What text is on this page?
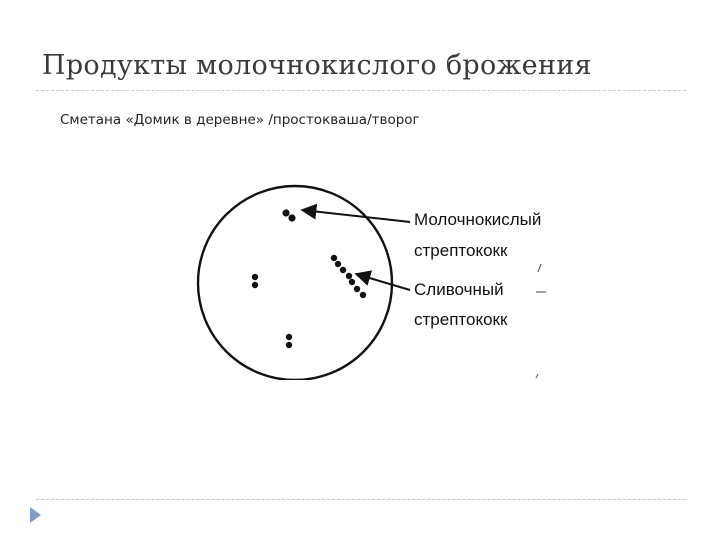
Продукты молочнокислого брожения
Сметана «Домик в деревне» /простокваша/творог
Молочнокислый
стрептококк
Сливочный
стрептококк
